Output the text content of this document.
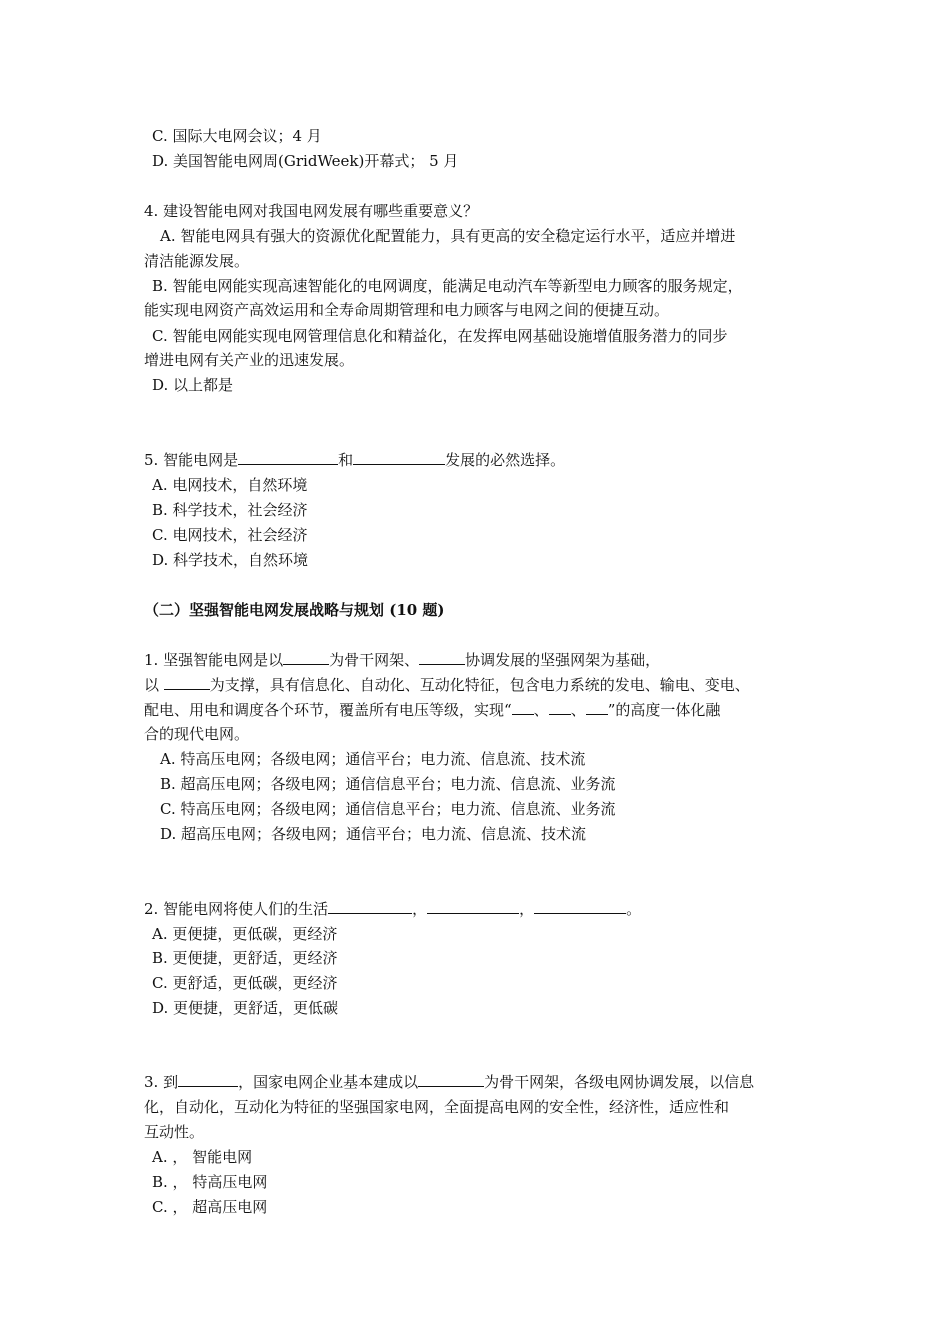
C. 国际大电网会议；4 月
D. 美国智能电网周(GridWeek)开幕式； 5 月
4. 建设智能电网对我国电网发展有哪些重要意义？
A. 智能电网具有强大的资源优化配置能力，具有更高的安全稳定运行水平，适应并增进
清洁能源发展。
B. 智能电网能实现高速智能化的电网调度，能满足电动汽车等新型电力顾客的服务规定，
能实现电网资产高效运用和全寿命周期管理和电力顾客与电网之间的便捷互动。
C. 智能电网能实现电网管理信息化和精益化，在发挥电网基础设施增值服务潜力的同步
增进电网有关产业的迅速发展。
D. 以上都是
5. 智能电网是	和	发展的必然选择。
A. 电网技术，自然环境
B. 科学技术，社会经济
C. 电网技术，社会经济
D. 科学技术，自然环境
（二）坚强智能电网发展战略与规划 (10 题)
1. 坚强智能电网是以	为骨干网架、	协调发展的坚强网架为基础，
以	为支撑，具有信息化、自动化、互动化特征，包含电力系统的发电、输电、变电、
配电、用电和调度各个环节，覆盖所有电压等级，实现“ 、 、 ”的高度一体化融
合的现代电网。
A. 特高压电网；各级电网；通信平台；电力流、信息流、技术流
B. 超高压电网；各级电网；通信信息平台；电力流、信息流、业务流
C. 特高压电网；各级电网；通信信息平台；电力流、信息流、业务流
D. 超高压电网；各级电网；通信平台；电力流、信息流、技术流
2. 智能电网将使人们的生活	，	，	。
A. 更便捷，更低碳，更经济
B. 更便捷，更舒适，更经济
C. 更舒适，更低碳，更经济
D. 更便捷，更舒适，更低碳
3. 到	，国家电网企业基本建成以	为骨干网架，各级电网协调发展，以信息
化，自动化，互动化为特征的坚强国家电网，全面提高电网的安全性，经济性，适应性和
互动性。
A. ， 智能电网
B. ， 特高压电网
C. ， 超高压电网
